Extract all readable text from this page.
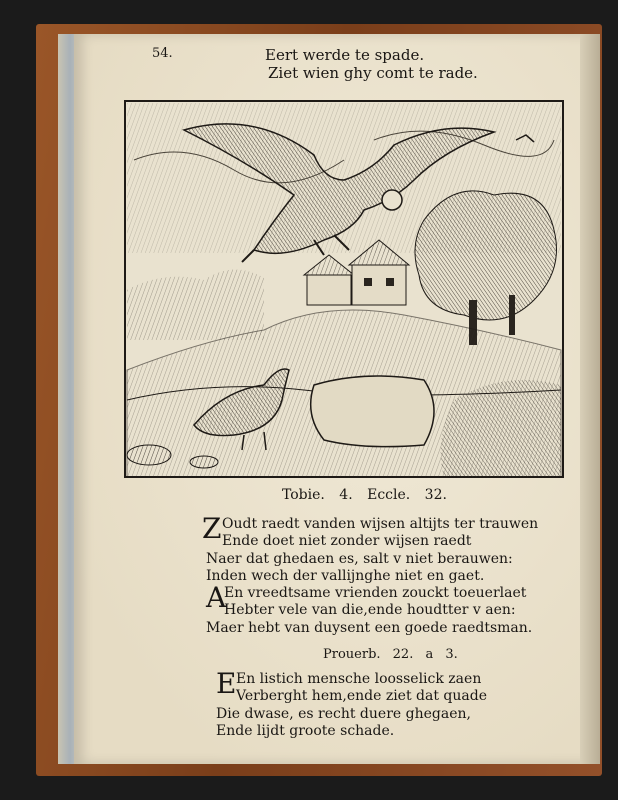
54.	Eert werde te spade.
Ziet wien ghy comt te rade.
Tobie. 4. Eccle. 32.
Z Oudt raedt vanden wijsen altijts ter trauwen
Ende doet niet zonder wijsen raedt
Naer dat ghedaen es, salt v niet berauwen:
Inden wech der vallijnghe niet en gaet.
A
En vreedtsame vrienden zouckt toeuerlaet
Hebter vele van die,ende houdtter v aen:
Maer hebt van duysent een goede raedtsman.
Prouerb. 22. a 3.
E En listich mensche loosselick zaen
Verberght hem,ende ziet dat quade
Die dwase, es recht duere ghegaen,
Ende lijdt groote schade.
